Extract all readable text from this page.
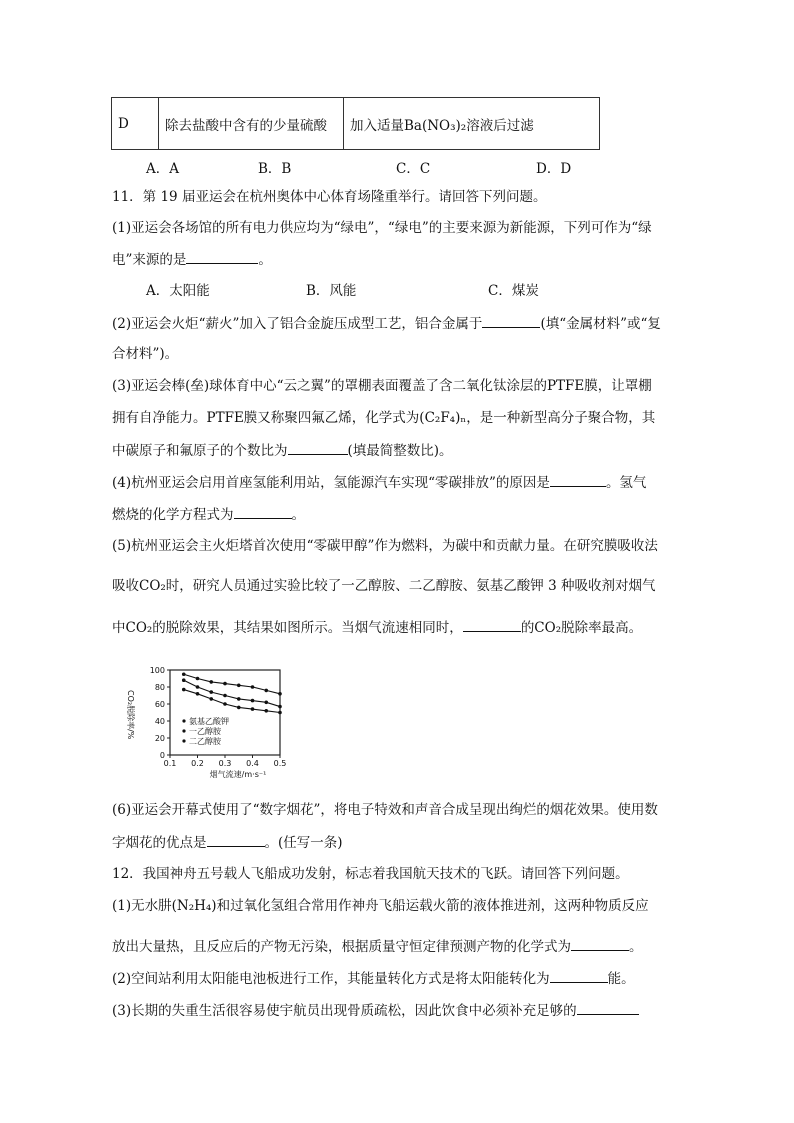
D	除去盐酸中含有的少量硫酸	加入适量Ba(NO₃)₂溶液后过滤
A．A	B．B	C．C	D．D
11．第 19 届亚运会在杭州奥体中心体育场隆重举行。请回答下列问题。
(1)亚运会各场馆的所有电力供应均为“绿电”，“绿电”的主要来源为新能源，下列可作为“绿
电”来源的是	。
A．太阳能	B．风能	C．煤炭
(2)亚运会火炬“薪火”加入了铝合金旋压成型工艺，铝合金属于	(填“金属材料”或“复
合材料”)。
(3)亚运会棒(垒)球体育中心“云之翼”的罩棚表面覆盖了含二氧化钛涂层的PTFE膜，让罩棚
拥有自净能力。PTFE膜又称聚四氟乙烯，化学式为(C₂F₄)ₙ，是一种新型高分子聚合物，其
中碳原子和氟原子的个数比为	(填最简整数比)。
(4)杭州亚运会启用首座氢能利用站，氢能源汽车实现“零碳排放”的原因是	。氢气
燃烧的化学方程式为	。
(5)杭州亚运会主火炬塔首次使用“零碳甲醇”作为燃料，为碳中和贡献力量。在研究膜吸收法
吸收CO₂时，研究人员通过实验比较了一乙醇胺、二乙醇胺、氨基乙酸钾 3 种吸收剂对烟气
中CO₂的脱除效果，其结果如图所示。当烟气流速相同时，	的CO₂脱除率最高。
0
20
40
60
80
100
0.1 0.2 0.3 0.4 0.5
CO₂脱除率/%
烟气流速/m·s⁻¹
氨基乙酸钾
一乙醇胺
二乙醇胺
(6)亚运会开幕式使用了“数字烟花”，将电子特效和声音合成呈现出绚烂的烟花效果。使用数
字烟花的优点是	。(任写一条)
12．我国神舟五号载人飞船成功发射，标志着我国航天技术的飞跃。请回答下列问题。
(1)无水肼(N₂H₄)和过氧化氢组合常用作神舟飞船运载火箭的液体推进剂，这两种物质反应
放出大量热，且反应后的产物无污染，根据质量守恒定律预测产物的化学式为	。
(2)空间站利用太阳能电池板进行工作，其能量转化方式是将太阳能转化为	能。
(3)长期的失重生活很容易使宇航员出现骨质疏松，因此饮食中必须补充足够的
